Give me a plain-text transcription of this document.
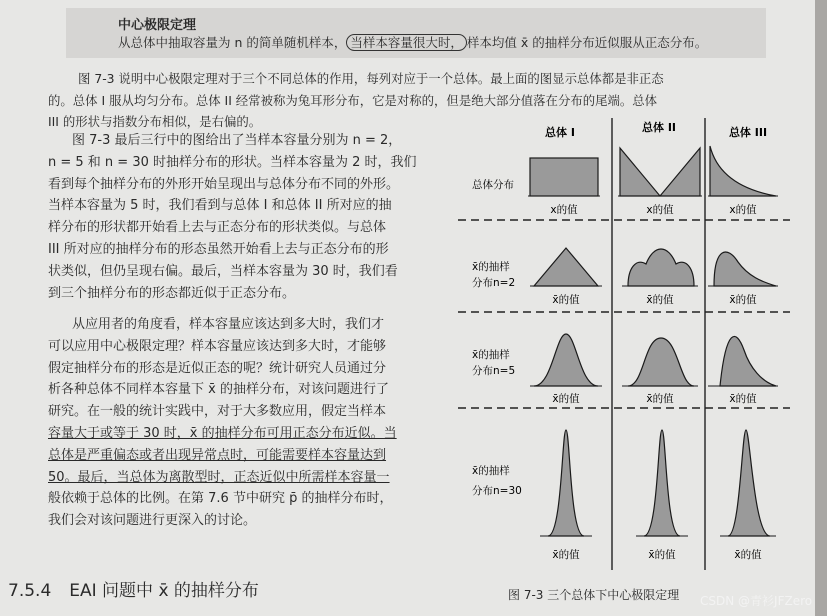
中心极限定理
从总体中抽取容量为 n 的简单随机样本， 当样本容量很大时， 样本均值 x̄ 的抽样分布近似服从正态分布。
图 7-3 说明中心极限定理对于三个不同总体的作用，每列对应于一个总体。最上面的图显示总体都是非正态
的。总体 I 服从均匀分布。总体 II 经常被称为兔耳形分布，它是对称的，但是绝大部分值落在分布的尾端。总体
III 的形状与指数分布相似，是右偏的。
图 7-3 最后三行中的图给出了当样本容量分别为 n = 2，
n = 5 和 n = 30 时抽样分布的形状。当样本容量为 2 时，我们
看到每个抽样分布的外形开始呈现出与总体分布不同的外形。
当样本容量为 5 时，我们看到与总体 I 和总体 II 所对应的抽
样分布的形状都开始看上去与正态分布的形状类似。与总体
III 所对应的抽样分布的形态虽然开始看上去与正态分布的形
状类似，但仍呈现右偏。最后，当样本容量为 30 时，我们看
到三个抽样分布的形态都近似于正态分布。
从应用者的角度看，样本容量应该达到多大时，我们才
可以应用中心极限定理？样本容量应该达到多大时，才能够
假定抽样分布的形态是近似正态的呢？统计研究人员通过分
析各种总体不同样本容量下 x̄ 的抽样分布，对该问题进行了
研究。在一般的统计实践中，对于大多数应用，假定当样本
容量大于或等于 30 时，x̄ 的抽样分布可用正态分布近似。当
总体是严重偏态或者出现异常点时，可能需要样本容量达到
50。最后，当总体为离散型时，正态近似中所需样本容量一
般依赖于总体的比例。在第 7.6 节中研究 p̄ 的抽样分布时，
我们会对该问题进行更深入的讨论。
7.5.4 EAI 问题中 x̄ 的抽样分布
总体 I	总体 II	总体 III
总体分布
x̄的抽样
分布n=2
x̄的抽样
分布n=5
x̄的抽样
分布n=30
x的值	x的值	x的值
x̄的值	x̄的值	x̄的值
x̄的值	x̄的值	x̄的值
x̄的值	x̄的值	x̄的值
图 7-3 三个总体下中心极限定理 CSDN @青衫JFZero
